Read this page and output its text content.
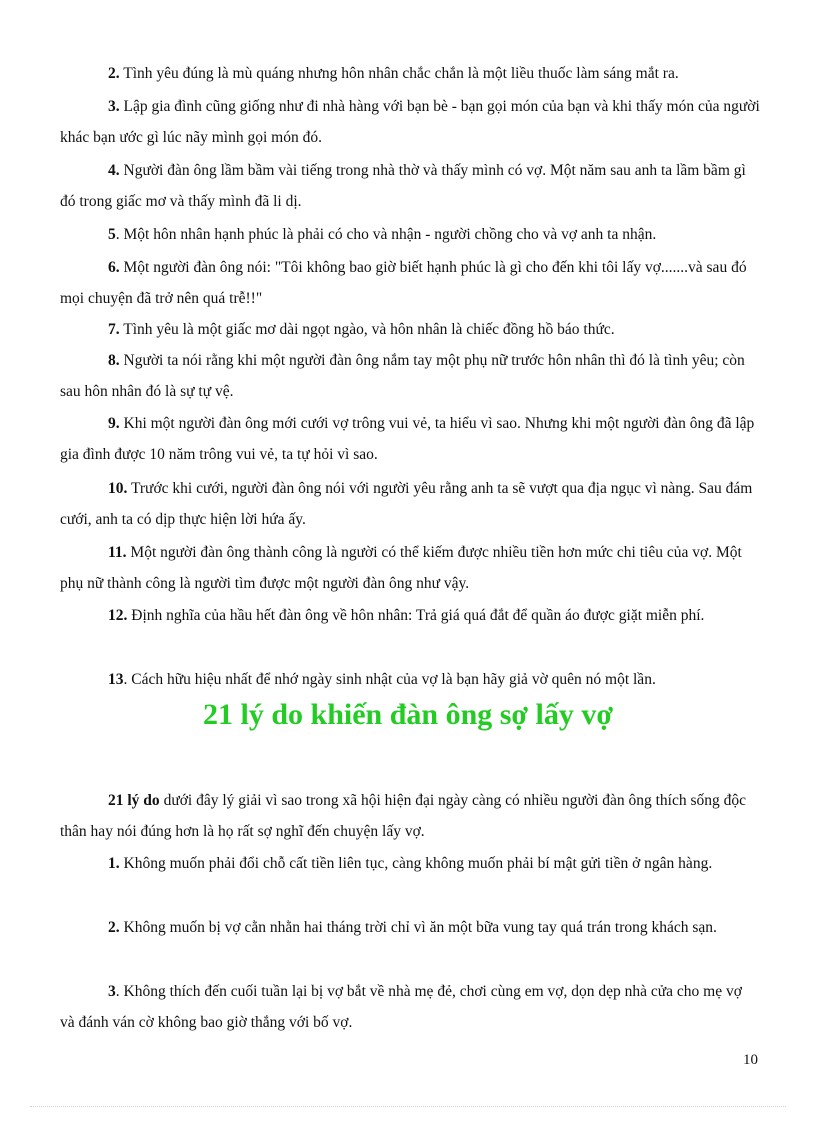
2. Tình yêu đúng là mù quáng nhưng hôn nhân chắc chắn là một liều thuốc làm sáng mắt ra.

3. Lập gia đình cũng giống như đi nhà hàng với bạn bè - bạn gọi món của bạn và khi thấy món của người khác bạn ước gì lúc nãy mình gọi món đó.

4. Người đàn ông lầm bầm vài tiếng trong nhà thờ và thấy mình có vợ. Một năm sau anh ta lầm bầm gì đó trong giấc mơ và thấy mình đã li dị.

5. Một hôn nhân hạnh phúc là phải có cho và nhận - người chồng cho và vợ anh ta nhận.

6. Một người đàn ông nói: "Tôi không bao giờ biết hạnh phúc là gì cho đến khi tôi lấy vợ.......và sau đó mọi chuyện đã trở nên quá trễ!!"

7. Tình yêu là một giấc mơ dài ngọt ngào, và hôn nhân là chiếc đồng hồ báo thức.

8. Người ta nói rằng khi một người đàn ông nắm tay một phụ nữ trước hôn nhân thì đó là tình yêu; còn sau hôn nhân đó là sự tự vệ.

9. Khi một người đàn ông mới cưới vợ trông vui vẻ, ta hiểu vì sao. Nhưng khi một người đàn ông đã lập gia đình được 10 năm trông vui vẻ, ta tự hỏi vì sao.

10. Trước khi cưới, người đàn ông nói với người yêu rằng anh ta sẽ vượt qua địa ngục vì nàng. Sau đám cưới, anh ta có dịp thực hiện lời hứa ấy.

11. Một người đàn ông thành công là người có thể kiếm được nhiều tiền hơn mức chi tiêu của vợ. Một phụ nữ thành công là người tìm được một người đàn ông như vậy.

12. Định nghĩa của hầu hết đàn ông về hôn nhân: Trả giá quá đắt để quần áo được giặt miễn phí.

13. Cách hữu hiệu nhất để nhớ ngày sinh nhật của vợ là bạn hãy giả vờ quên nó một lần.

21 lý do khiến đàn ông sợ lấy vợ

21 lý do dưới đây lý giải vì sao trong xã hội hiện đại ngày càng có nhiều người đàn ông thích sống độc thân hay nói đúng hơn là họ rất sợ nghĩ đến chuyện lấy vợ.

1. Không muốn phải đổi chỗ cất tiền liên tục, càng không muốn phải bí mật gửi tiền ở ngân hàng.

2. Không muốn bị vợ cằn nhằn hai tháng trời chỉ vì ăn một bữa vung tay quá trán trong khách sạn.

3. Không thích đến cuối tuần lại bị vợ bắt về nhà mẹ đẻ, chơi cùng em vợ, dọn dẹp nhà cửa cho mẹ vợ và đánh ván cờ không bao giờ thắng với bố vợ.

10
